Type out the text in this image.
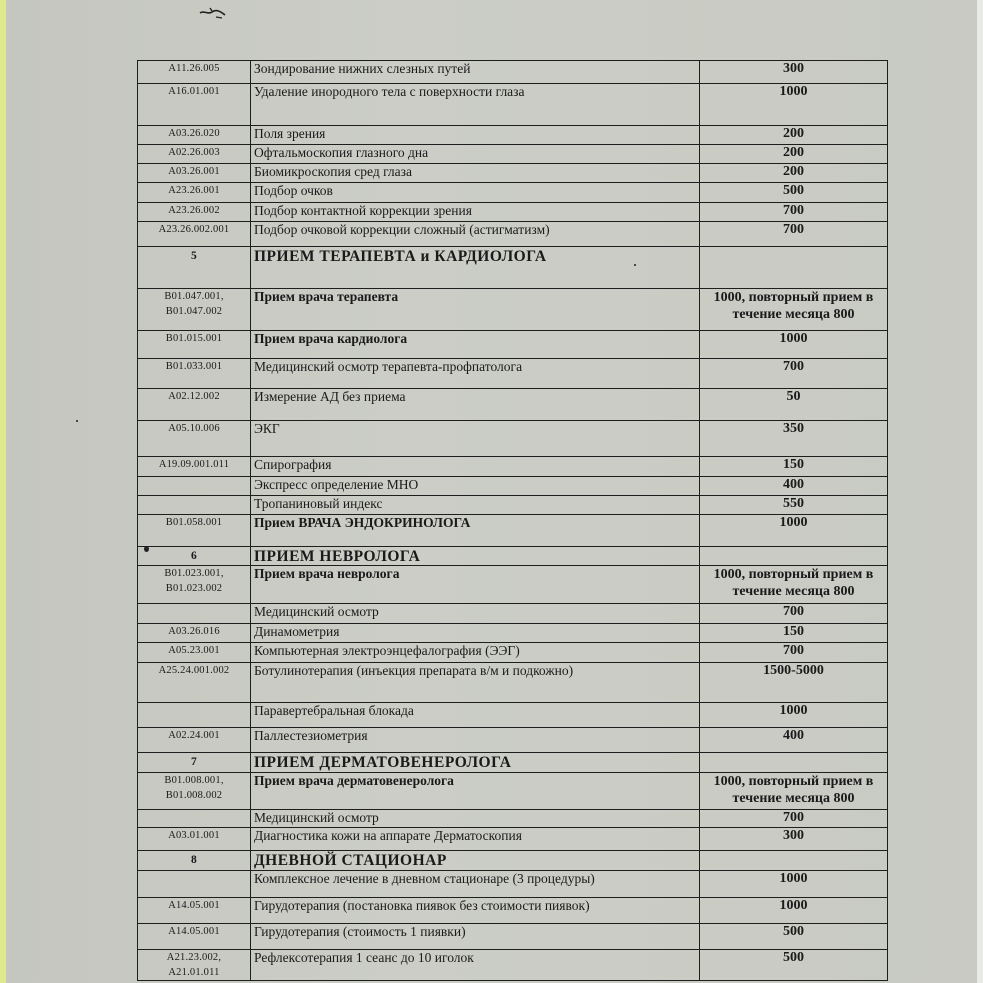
A11.26.005	Зондирование нижних слезных путей	300
A16.01.001	Удаление инородного тела с поверхности глаза	1000
A03.26.020	Поля зрения	200
A02.26.003	Офтальмоскопия глазного дна	200
A03.26.001	Биомикроскопия сред глаза	200
A23.26.001	Подбор очков	500
A23.26.002	Подбор контактной коррекции зрения	700
A23.26.002.001	Подбор очковой коррекции сложный (астигматизм)	700
5	ПРИЕМ ТЕРАПЕВТА и КАРДИОЛОГА	
B01.047.001,
B01.047.002	Прием врача терапевта	1000, повторный прием в течение месяца 800
B01.015.001	Прием врача кардиолога	1000
B01.033.001	Медицинский осмотр терапевта-профпатолога	700
A02.12.002	Измерение АД без приема	50
A05.10.006	ЭКГ	350
A19.09.001.011	Спирография	150
	Экспресс определение МНО	400
	Тропаниновый индекс	550
B01.058.001	Прием ВРАЧА ЭНДОКРИНОЛОГА	1000
6	ПРИЕМ НЕВРОЛОГА	
B01.023.001,
B01.023.002	Прием врача невролога	1000, повторный прием в течение месяца 800
	Медицинский осмотр	700
A03.26.016	Динамометрия	150
A05.23.001	Компьютерная электроэнцефалография (ЭЭГ)	700
A25.24.001.002	Ботулинотерапия (инъекция препарата в/м и подкожно)	1500-5000
	Паравертебральная блокада	1000
A02.24.001	Паллестезиометрия	400
7	ПРИЕМ ДЕРМАТОВЕНЕРОЛОГА	
B01.008.001,
B01.008.002	Прием врача дерматовенеролога	1000, повторный прием в течение месяца 800
	Медицинский осмотр	700
A03.01.001	Диагностика кожи на аппарате Дерматоскопия	300
8	ДНЕВНОЙ СТАЦИОНАР	
	Комплексное лечение в дневном стационаре (3 процедуры)	1000
A14.05.001	Гирудотерапия (постановка пиявок без стоимости пиявок)	1000
A14.05.001	Гирудотерапия (стоимость 1 пиявки)	500
A21.23.002,
A21.01.011	Рефлексотерапия 1 сеанс до 10 иголок	500
